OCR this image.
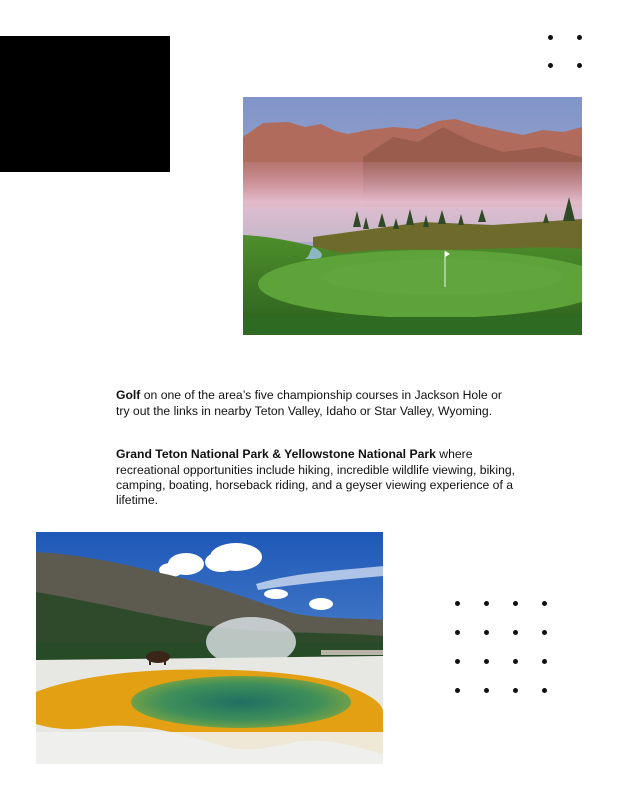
Golf on one of the area’s five championship courses in Jackson Hole or try out the links in nearby Teton Valley, Idaho or Star Valley, Wyoming.

Grand Teton National Park & Yellowstone National Park where recreational opportunities include hiking, incredible wildlife viewing, biking, camping, boating, horseback riding, and a geyser viewing experience of a lifetime.
